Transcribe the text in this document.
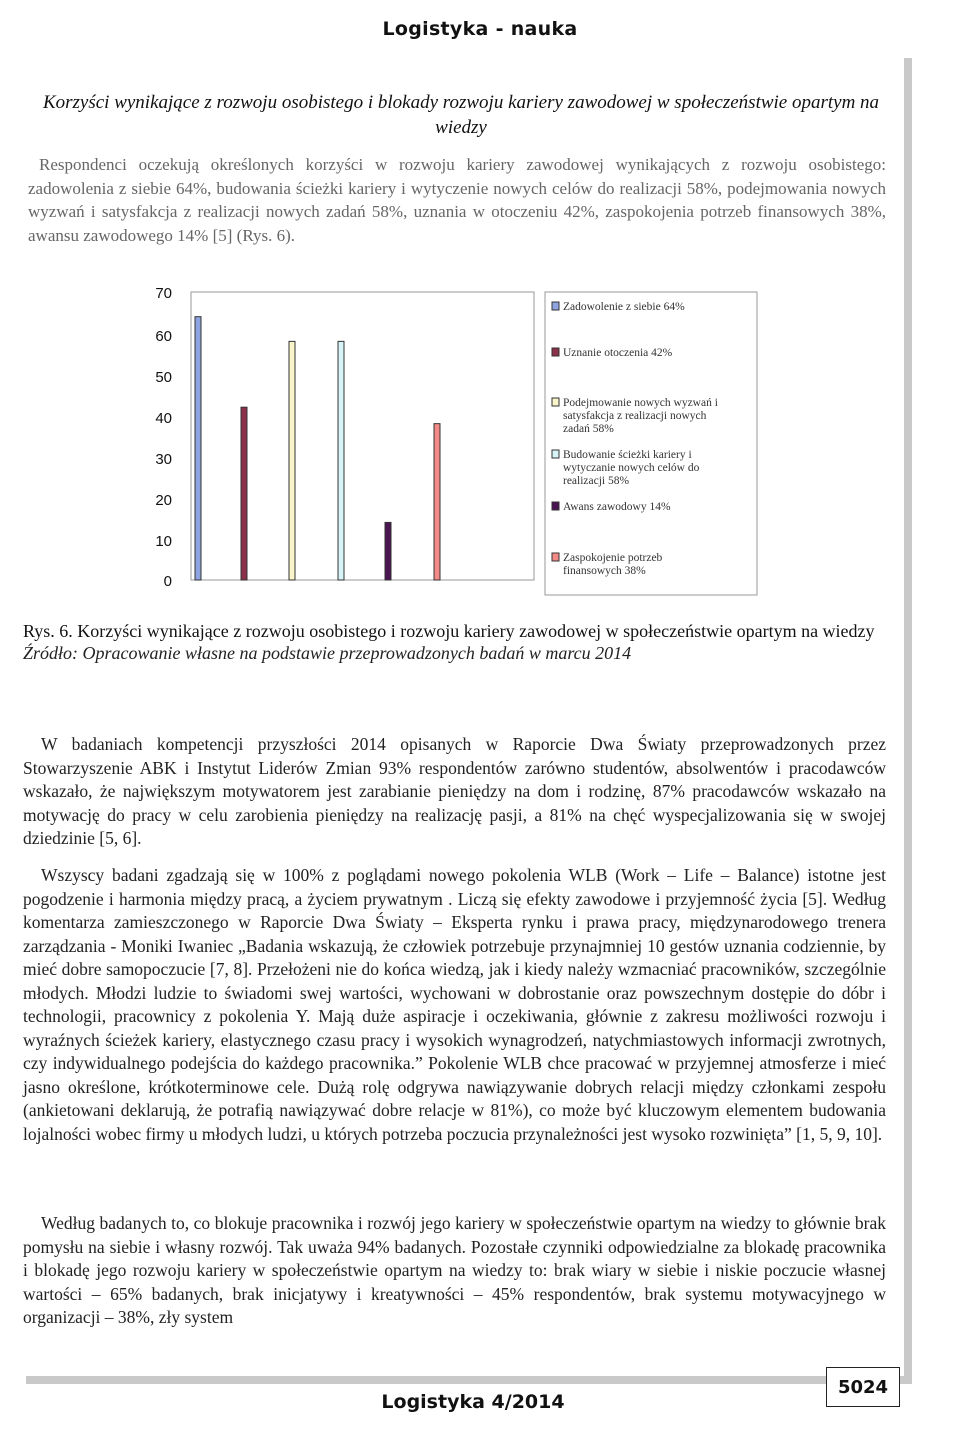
Logistyka - nauka
Korzyści wynikające z rozwoju osobistego i blokady rozwoju kariery zawodowej w społeczeństwie opartym na wiedzy
Respondenci oczekują określonych korzyści w rozwoju kariery zawodowej wynikających z rozwoju osobistego: zadowolenia z siebie 64%, budowania ścieżki kariery i wytyczenie nowych celów do realizacji 58%, podejmowania nowych wyzwań i satysfakcja z realizacji nowych zadań 58%, uznania w otoczeniu 42%, zaspokojenia potrzeb finansowych 38%, awansu zawodowego 14% [5] (Rys. 6).
70
60
50
40
30
20
10
0
Zadowolenie z siebie 64%
Uznanie otoczenia 42%
Podejmowanie nowych wyzwań i satysfakcja z realizacji nowych zadań 58%
Budowanie ścieżki kariery i wytyczanie nowych celów do realizacji 58%
Awans zawodowy 14%
Zaspokojenie potrzeb finansowych 38%
Rys. 6. Korzyści wynikające z rozwoju osobistego i rozwoju kariery zawodowej w społeczeństwie opartym na wiedzy
Źródło: Opracowanie własne na podstawie przeprowadzonych badań w marcu 2014

W badaniach kompetencji przyszłości 2014 opisanych w Raporcie Dwa Światy przeprowadzonych przez Stowarzyszenie ABK i Instytut Liderów Zmian 93% respondentów zarówno studentów, absolwentów i pracodawców wskazało, że największym motywatorem jest zarabianie pieniędzy na dom i rodzinę, 87% pracodawców wskazało na motywację do pracy w celu zarobienia pieniędzy na realizację pasji, a 81% na chęć wyspecjalizowania się w swojej dziedzinie [5, 6].

Wszyscy badani zgadzają się w 100% z poglądami nowego pokolenia WLB (Work – Life – Balance) istotne jest pogodzenie i harmonia między pracą, a życiem prywatnym . Liczą się efekty zawodowe i przyjemność życia [5]. Według komentarza zamieszczonego w Raporcie Dwa Światy – Eksperta rynku i prawa pracy, międzynarodowego trenera zarządzania - Moniki Iwaniec „Badania wskazują, że człowiek potrzebuje przynajmniej 10 gestów uznania codziennie, by mieć dobre samopoczucie [7, 8]. Przełożeni nie do końca wiedzą, jak i kiedy należy wzmacniać pracowników, szczególnie młodych. Młodzi ludzie to świadomi swej wartości, wychowani w dobrostanie oraz powszechnym dostępie do dóbr i technologii, pracownicy z pokolenia Y. Mają duże aspiracje i oczekiwania, głównie z zakresu możliwości rozwoju i wyraźnych ścieżek kariery, elastycznego czasu pracy i wysokich wynagrodzeń, natychmiastowych informacji zwrotnych, czy indywidualnego podejścia do każdego pracownika.” Pokolenie WLB chce pracować w przyjemnej atmosferze i mieć jasno określone, krótkoterminowe cele. Dużą rolę odgrywa nawiązywanie dobrych relacji między członkami zespołu (ankietowani deklarują, że potrafią nawiązywać dobre relacje w 81%), co może być kluczowym elementem budowania lojalności wobec firmy u młodych ludzi, u których potrzeba poczucia przynależności jest wysoko rozwinięta” [1, 5, 9, 10].

Według badanych to, co blokuje pracownika i rozwój jego kariery w społeczeństwie opartym na wiedzy to głównie brak pomysłu na siebie i własny rozwój. Tak uważa 94% badanych. Pozostałe czynniki odpowiedzialne za blokadę pracownika i blokadę jego rozwoju kariery w społeczeństwie opartym na wiedzy to: brak wiary w siebie i niskie poczucie własnej wartości – 65% badanych, brak inicjatywy i kreatywności – 45% respondentów, brak systemu motywacyjnego w organizacji – 38%, zły system

Logistyka 4/2014
5024
